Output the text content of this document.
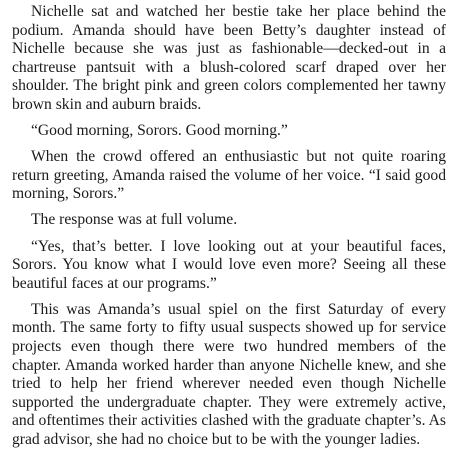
Nichelle sat and watched her bestie take her place behind the podium. Amanda should have been Betty’s daughter instead of Nichelle because she was just as fashionable—decked-out in a chartreuse pantsuit with a blush-colored scarf draped over her shoulder. The bright pink and green colors complemented her tawny brown skin and auburn braids.

“Good morning, Sorors. Good morning.”

When the crowd offered an enthusiastic but not quite roaring return greeting, Amanda raised the volume of her voice. “I said good morning, Sorors.”

The response was at full volume.

“Yes, that’s better. I love looking out at your beautiful faces, Sorors. You know what I would love even more? Seeing all these beautiful faces at our programs.”

This was Amanda’s usual spiel on the first Saturday of every month. The same forty to fifty usual suspects showed up for service projects even though there were two hundred members of the chapter. Amanda worked harder than anyone Nichelle knew, and she tried to help her friend wherever needed even though Nichelle supported the undergraduate chapter. They were extremely active, and oftentimes their activities clashed with the graduate chapter’s. As grad advisor, she had no choice but to be with the younger ladies.
